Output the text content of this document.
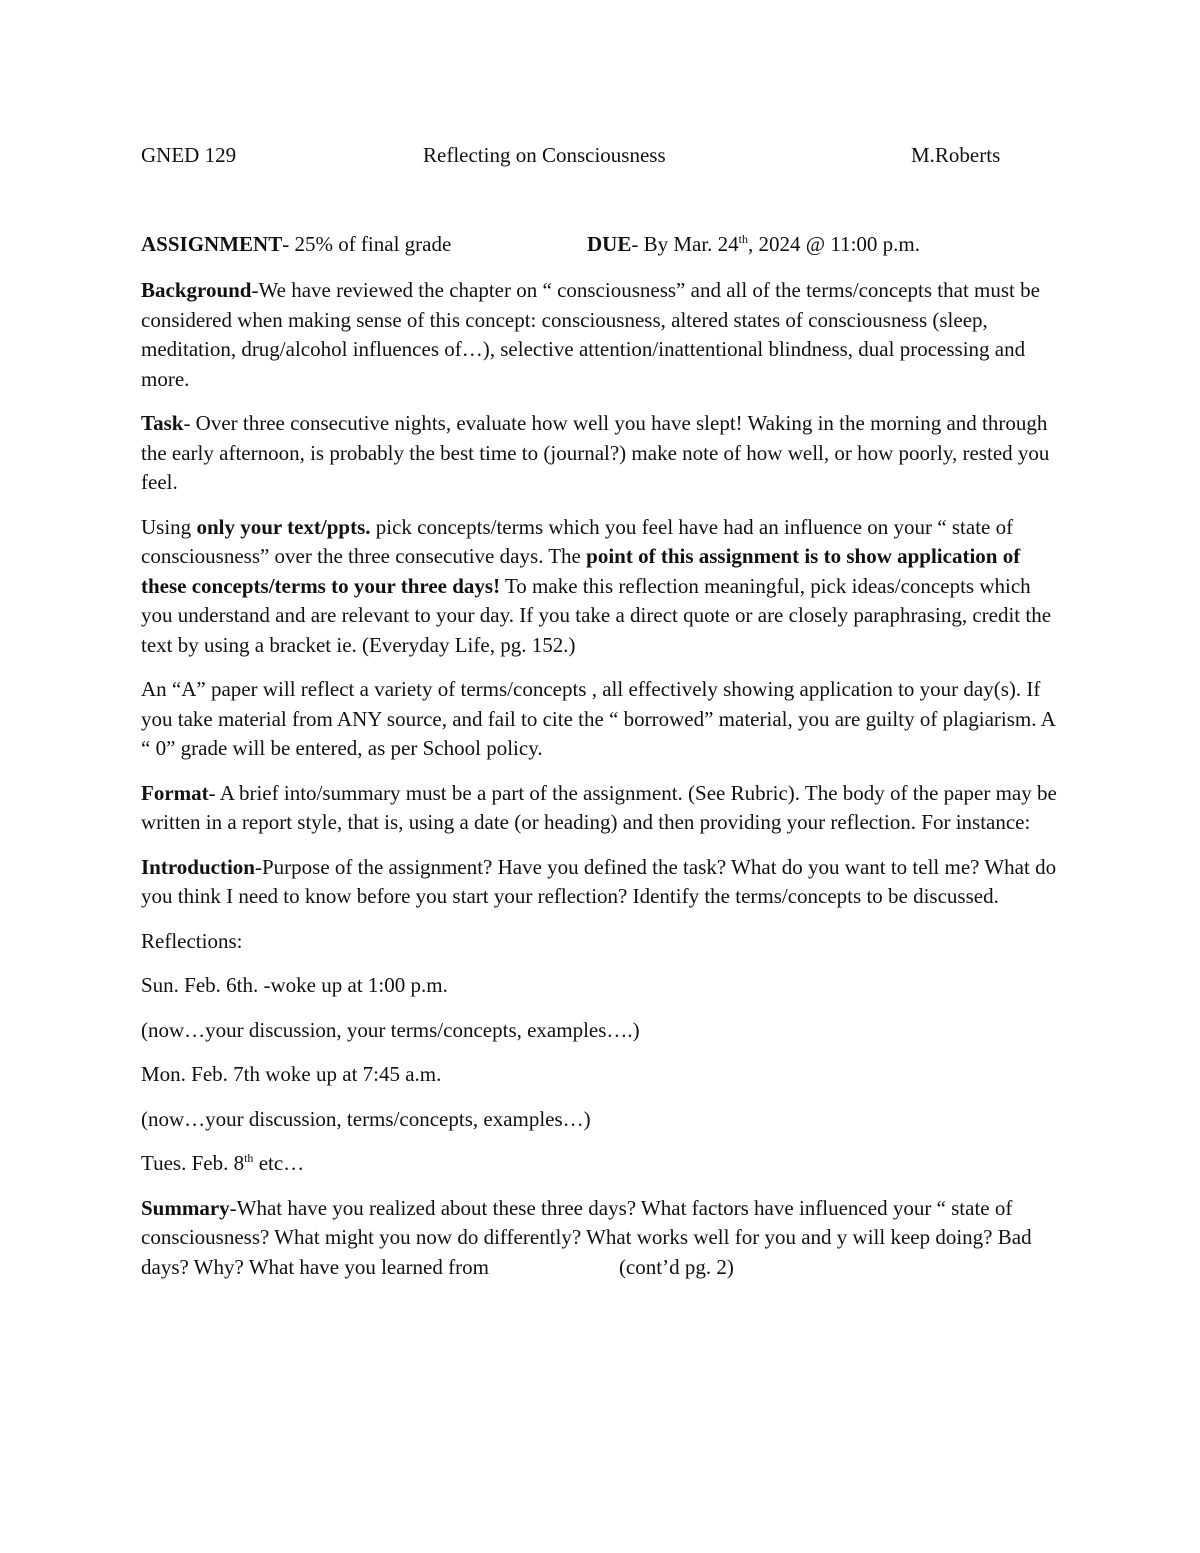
GNED 129	Reflecting on Consciousness	M.Roberts
ASSIGNMENT- 25% of final grade	DUE- By Mar. 24th, 2024 @ 11:00 p.m.

Background-We have reviewed the chapter on “ consciousness” and all of the terms/concepts that must be considered when making sense of this concept: consciousness, altered states of consciousness (sleep, meditation, drug/alcohol influences of…), selective attention/inattentional blindness, dual processing and more.

Task- Over three consecutive nights, evaluate how well you have slept! Waking in the morning and through the early afternoon, is probably the best time to (journal?) make note of how well, or how poorly, rested you feel.

Using only your text/ppts. pick concepts/terms which you feel have had an influence on your “ state of consciousness” over the three consecutive days. The point of this assignment is to show application of these concepts/terms to your three days! To make this reflection meaningful, pick ideas/concepts which you understand and are relevant to your day. If you take a direct quote or are closely paraphrasing, credit the text by using a bracket ie. (Everyday Life, pg. 152.)

An “A” paper will reflect a variety of terms/concepts , all effectively showing application to your day(s). If you take material from ANY source, and fail to cite the “ borrowed” material, you are guilty of plagiarism. A “ 0” grade will be entered, as per School policy.

Format- A brief into/summary must be a part of the assignment. (See Rubric). The body of the paper may be written in a report style, that is, using a date (or heading) and then providing your reflection. For instance:

Introduction-Purpose of the assignment? Have you defined the task? What do you want to tell me? What do you think I need to know before you start your reflection? Identify the terms/concepts to be discussed.

Reflections:

Sun. Feb. 6th. -woke up at 1:00 p.m.

(now…your discussion, your terms/concepts, examples….)

Mon. Feb. 7th woke up at 7:45 a.m.

(now…your discussion, terms/concepts, examples…)

Tues. Feb. 8th etc…

Summary-What have you realized about these three days? What factors have influenced your “ state of consciousness? What might you now do differently? What works well for you and y will keep doing? Bad days? Why? What have you learned from	(cont’d pg. 2)
